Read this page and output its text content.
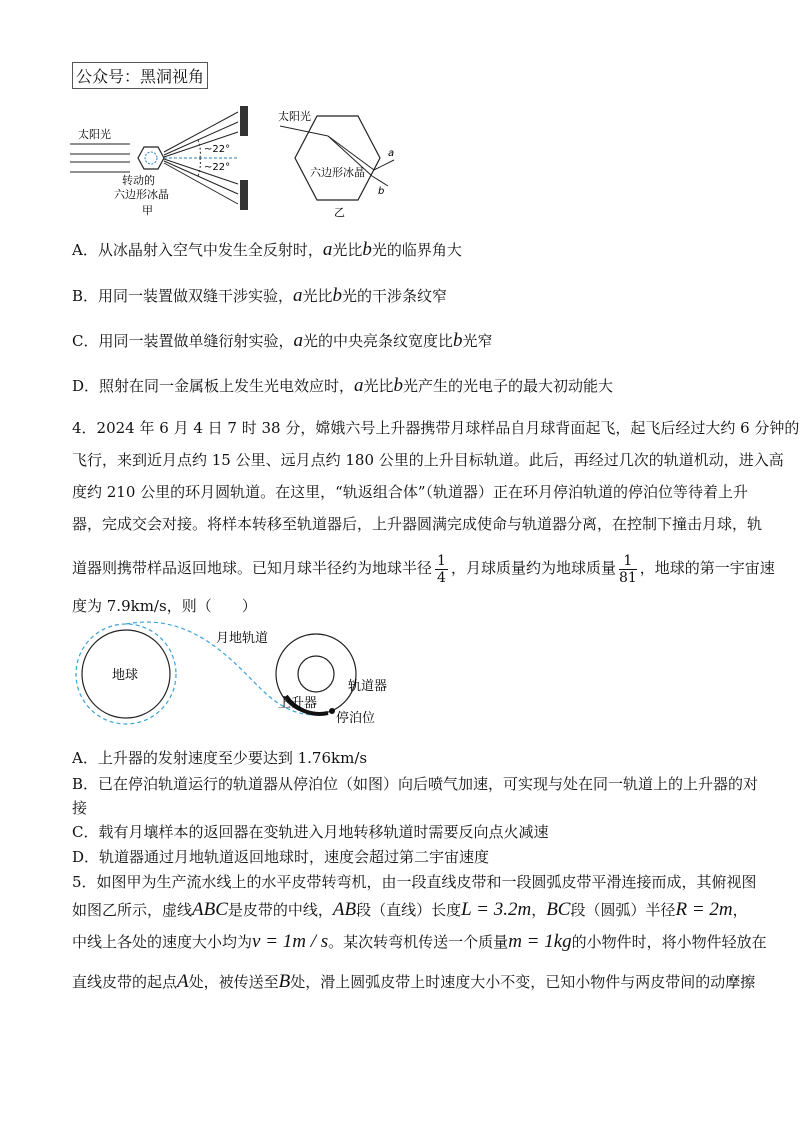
公众号：黑洞视角
太阳光
~22°
~22°
转动的
六边形冰晶
甲
太阳光
a
b
六边形冰晶
乙
A．从冰晶射入空气中发生全反射时，a光比b光的临界角大
B．用同一装置做双缝干涉实验，a光比b光的干涉条纹窄
C．用同一装置做单缝衍射实验，a光的中央亮条纹宽度比b光窄
D．照射在同一金属板上发生光电效应时，a光比b光产生的光电子的最大初动能大
4．2024 年 6 月 4 日 7 时 38 分，嫦娥六号上升器携带月球样品自月球背面起飞，起飞后经过大约 6 分钟的
飞行，来到近月点约 15 公里、远月点约 180 公里的上升目标轨道。此后，再经过几次的轨道机动，进入高
度约 210 公里的环月圆轨道。在这里，“轨返组合体”（轨道器）正在环月停泊轨道的停泊位等待着上升
器，完成交会对接。将样本转移至轨道器后，上升器圆满完成使命与轨道器分离，在控制下撞击月球，轨
道器则携带样品返回地球。已知月球半径约为地球半径 $\frac{1}{4}$ ，月球质量约为地球质量 $\frac{1}{81}$ ，地球的第一宇宙速
度为 7.9km/s，则（　　）
地球
月地轨道
上升器
轨道器
停泊位
A．上升器的发射速度至少要达到 1.76km/s
B．已在停泊轨道运行的轨道器从停泊位（如图）向后喷气加速，可实现与处在同一轨道上的上升器的对
接
C．载有月壤样本的返回器在变轨进入月地转移轨道时需要反向点火减速
D．轨道器通过月地轨道返回地球时，速度会超过第二宇宙速度
5．如图甲为生产流水线上的水平皮带转弯机，由一段直线皮带和一段圆弧皮带平滑连接而成，其俯视图
如图乙所示，虚线ABC是皮带的中线，AB段（直线）长度L = 3.2m，BC段（圆弧）半径R = 2m，
中线上各处的速度大小均为v = 1m / s。某次转弯机传送一个质量m = 1kg的小物件时，将小物件轻放在
直线皮带的起点A处，被传送至B处，滑上圆弧皮带上时速度大小不变，已知小物件与两皮带间的动摩擦
